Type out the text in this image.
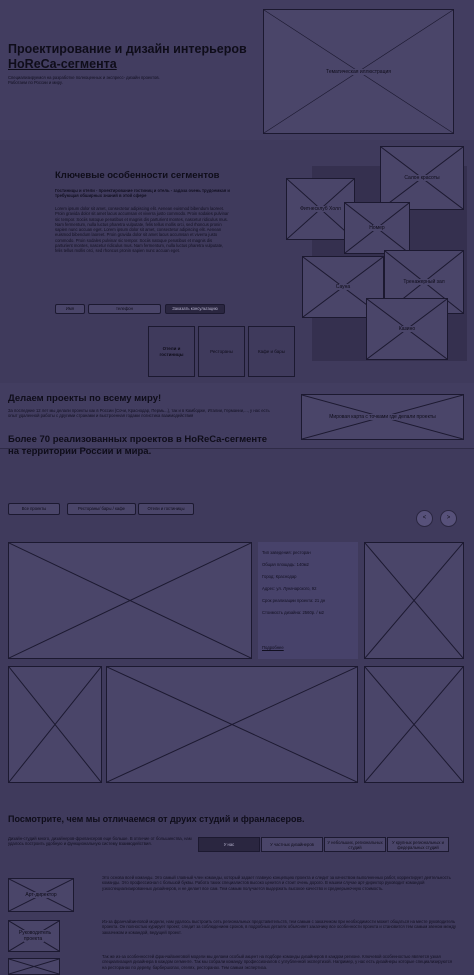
Проектирование и дизайн интерьеров
HoReCa-сегмента
Специализируемся на разработке полноценных и экспресс- дизайн проектов.
Работаем по России и миру.
Тематическая иллюстрация
Ключевые особенности сегментов
Гостиницы и отели - проектирование гостиниц и отель - задача очень трудоемкая и требующая обширных знаний в этой сфере
Lorem ipsum dolor sit amet, consectetur adipiscing elit. Aenean euismod bibendum laoreet. Proin gravida dolor sit amet lacus accumsan et viverra justo commodo. Proin sodales pulvinar sic tempor. Sociis natoque penatibus et magnis dis parturient montes, nascetur ridiculus mus. Nam fermentum, nulla luctus pharetra vulputate, felis tellus mollis orci, sed rhoncus pronin sapien nunc accuan eget. Lorem ipsum dolor sit amet, consectetur adipiscing elit. Aenean euismod bibendum laoreet. Proin gravida dolor sit amet lacus accumsan et viverra justo commodo. Proin sodales pulvinar sic tempor. Sociis natoque penatibus et magnis dis parturient montes, nascetur ridiculus mus. Nam fermentum, nulla luctus pharetra vulputate, felis tellus mollis orci, sed rhoncus pronin sapien nunc accuan eget.
Имя	телефон	Заказать консультацию
Отели и гостиницы
Рестораны	Кафе и бары
Фитнесклуб Холл
Салон красоты
Номер
Сауна
Тренажерный зал
Казино
Делаем проекты по всему миру!
За последние 12 лет мы делали проекты как в России (Сочи, Краснодар, Пермь...), так и в Камбодже, Италии, Германии,..., у нас есть опыт удаленной работы с другими странами и выстроенная годами логистика взаимодействия	Мировая карта с точками где делали проекты
Более 70 реализованных проектов в HoReCa-сегменте
на территории России и мира.
Все проекты	Рестораны/ бары / кафе	Отели и гостиницы
<	>
Тип заведения: ресторан
Общая площадь: 140м2
Город: Краснодар
Адрес: ул. Луначарского, 92
Срок реализации проекта: 21 дн
Стоимость дизайна: 2560р. / м2
Подробнее
Посмотрите, чем мы отличаемся от друих студий и франласеров.
Дизайн-студий много, дизайнеров-фрилансеров еще больше. В отличие от большинства, нам удалось построить удобную и функциональную систему взаимодействия.	У нас	У частных дизайнеров	У небольших, региональных студий
У крупных региональных и федеральных студий
Арт-директор
Это основа всей команды. Это самый главный член команды, который задает главную концепцию проекта и следит за качеством выполненных работ, корректирует деятельность команды. Это профессионал с большой буквы. Работа таких специалистов высоко ценится и стоит очень дорого. В нашем случае арт-директор руководит командой узкоспециализированных дизайнеров, и не делает все сам. Тем самым получается выдержать высокое качество и среднерыночную стоимость.
Руководитель проекта
Из-за франчайзинговой модели, нам удалось выстроить сеть региональных представительств, тем самым с заказчиком при необходимости может общаться на месте руководитель проекта. Он полностью курирует проект, следит за соблюдением сроков, в подробных деталях объясняет заказчику все особенности проекта и становится тем самым звеном между заказчиком и командой, ведущей проект.
Так же из-за особенностей франчайзинговой модели мы делаем особый акцент на подборе команды дизайнеров в каждом регионе. Ключевой особенностью является узкая специализация дизайнера в каждом сегменте. Так мы собрали команду профессионалов с углубленной экспертизой. Например, у нас есть дизайнеры которые специализируются на ресторанах по дереву, барбершопах, отелях, ресторанах. Тем самым экспертиза.
